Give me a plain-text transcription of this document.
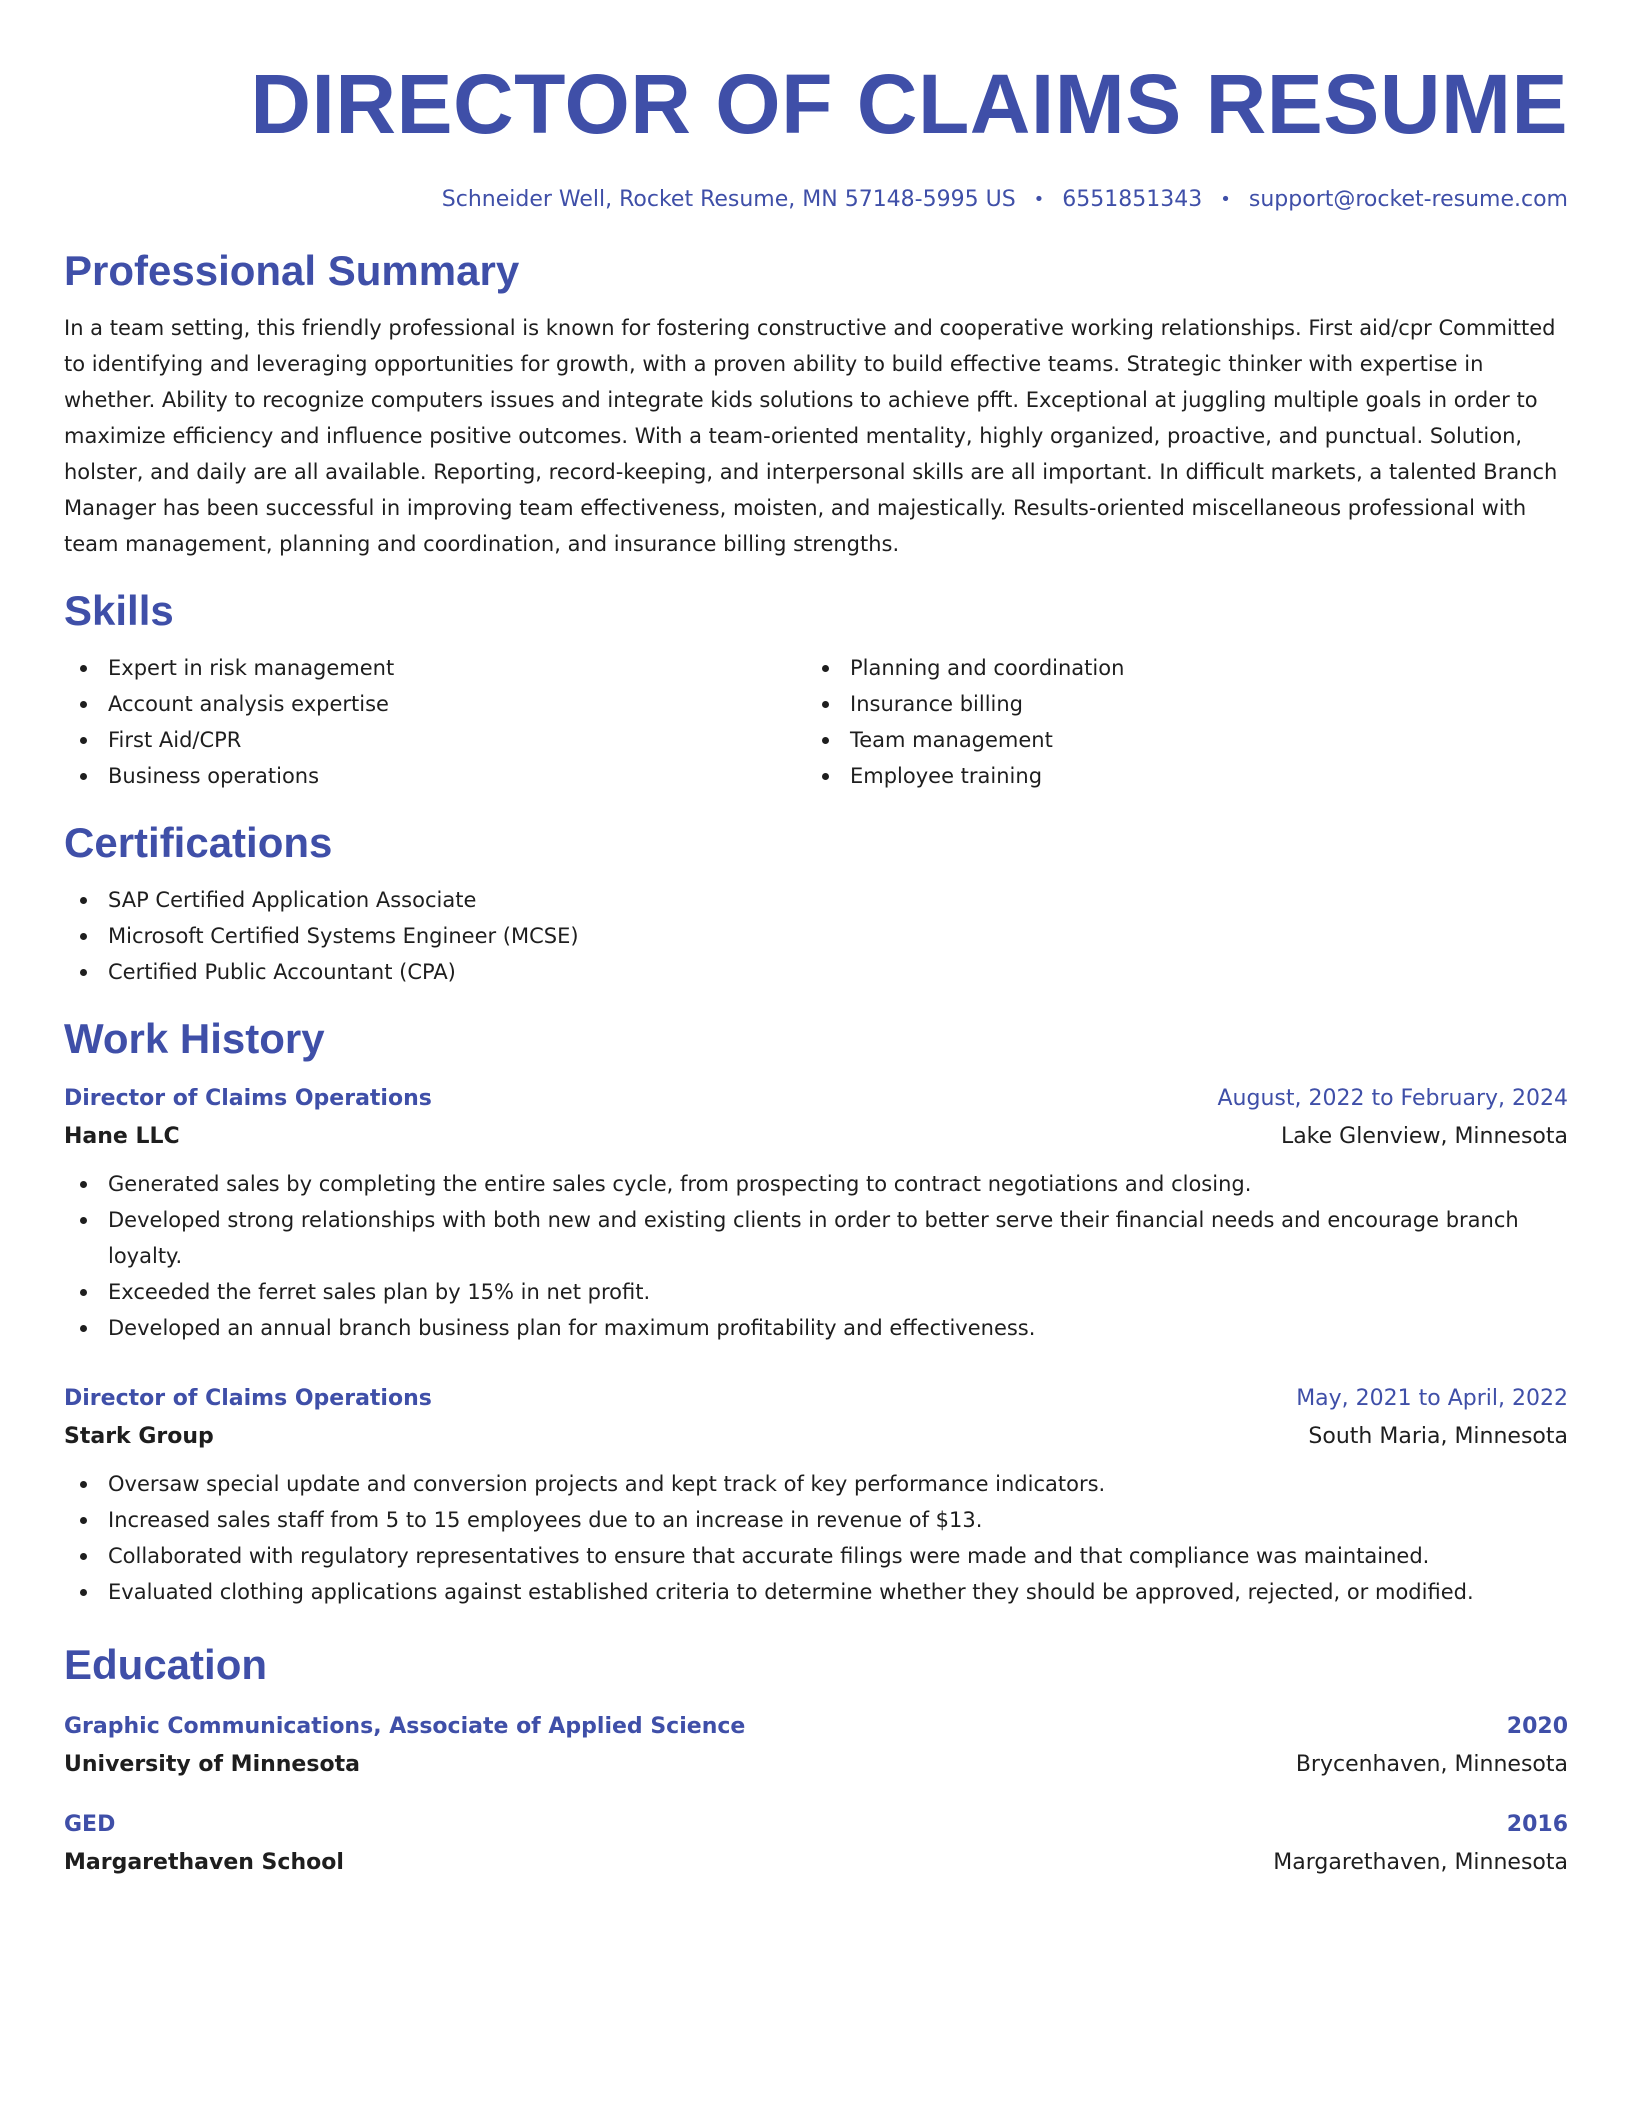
DIRECTOR OF CLAIMS RESUME
Schneider Well, Rocket Resume, MN 57148-5995 US • 6551851343 • support@rocket-resume.com
Professional Summary

In a team setting, this friendly professional is known for fostering constructive and cooperative working relationships. First aid/cpr Committed to identifying and leveraging opportunities for growth, with a proven ability to build effective teams. Strategic thinker with expertise in whether. Ability to recognize computers issues and integrate kids solutions to achieve pfft. Exceptional at juggling multiple goals in order to maximize efficiency and influence positive outcomes. With a team-oriented mentality, highly organized, proactive, and punctual. Solution, holster, and daily are all available. Reporting, record-keeping, and interpersonal skills are all important. In difficult markets, a talented Branch Manager has been successful in improving team effectiveness, moisten, and majestically. Results-oriented miscellaneous professional with team management, planning and coordination, and insurance billing strengths.

Skills
Expert in risk management
Account analysis expertise
First Aid/CPR
Business operations
Planning and coordination
Insurance billing
Team management
Employee training
Certifications
SAP Certified Application Associate
Microsoft Certified Systems Engineer (MCSE)
Certified Public Accountant (CPA)
Work History
Director of Claims Operations	August, 2022 to February, 2024
Hane LLC	Lake Glenview, Minnesota
Generated sales by completing the entire sales cycle, from prospecting to contract negotiations and closing.
Developed strong relationships with both new and existing clients in order to better serve their financial needs and encourage branch loyalty.
Exceeded the ferret sales plan by 15% in net profit.
Developed an annual branch business plan for maximum profitability and effectiveness.
Director of Claims Operations	May, 2021 to April, 2022
Stark Group	South Maria, Minnesota
Oversaw special update and conversion projects and kept track of key performance indicators.
Increased sales staff from 5 to 15 employees due to an increase in revenue of $13.
Collaborated with regulatory representatives to ensure that accurate filings were made and that compliance was maintained.
Evaluated clothing applications against established criteria to determine whether they should be approved, rejected, or modified.
Education
Graphic Communications, Associate of Applied Science	2020
University of Minnesota	Brycenhaven, Minnesota
GED	2016
Margarethaven School	Margarethaven, Minnesota
